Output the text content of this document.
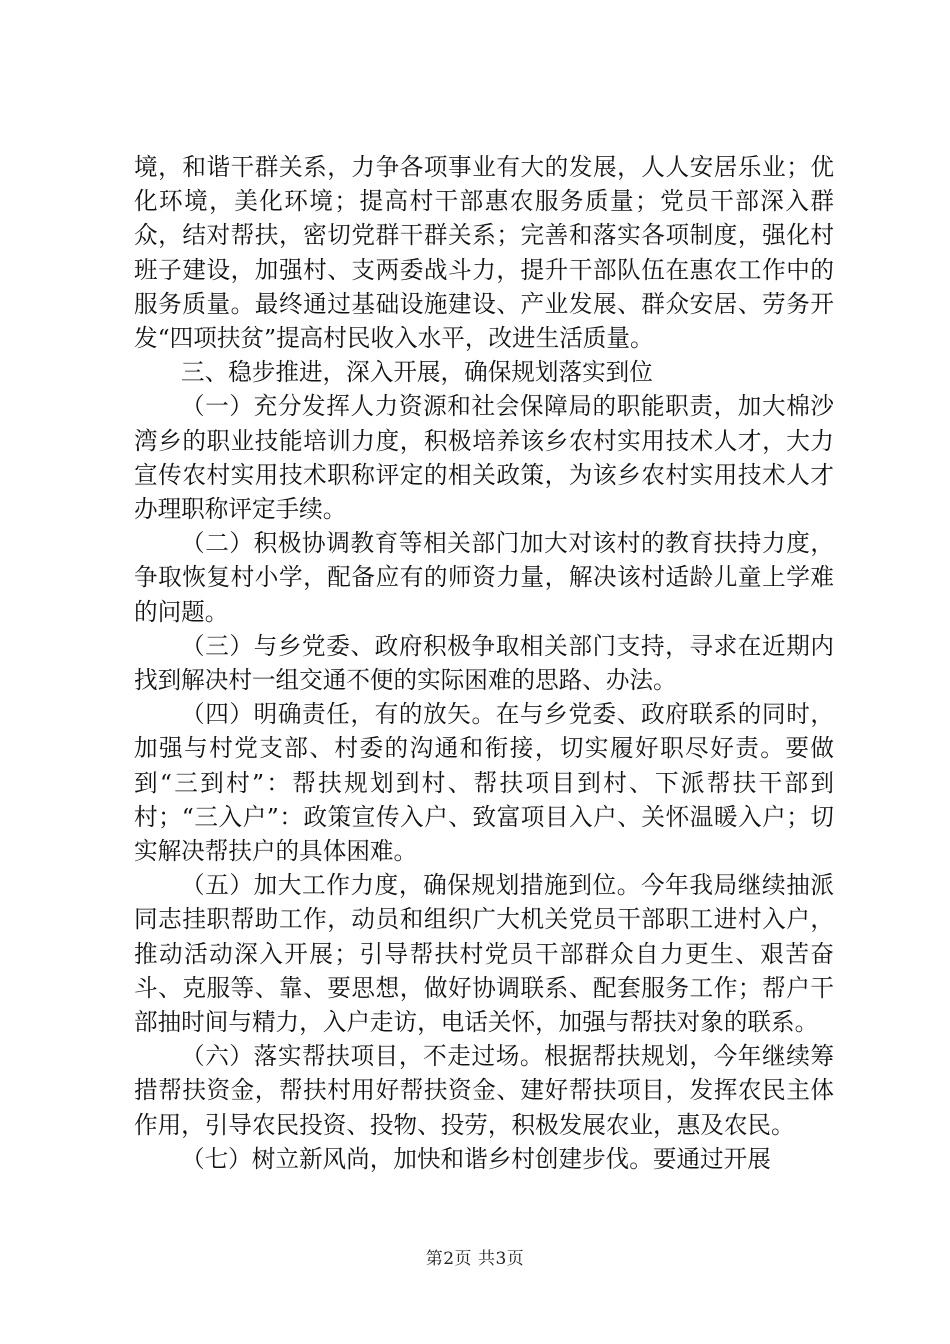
境，和谐干群关系，力争各项事业有大的发展，人人安居乐业；优化环境，美化环境；提高村干部惠农服务质量；党员干部深入群众，结对帮扶，密切党群干群关系；完善和落实各项制度，强化村班子建设，加强村、支两委战斗力，提升干部队伍在惠农工作中的服务质量。最终通过基础设施建设、产业发展、群众安居、劳务开发“四项扶贫”提高村民收入水平，改进生活质量。

三、稳步推进，深入开展，确保规划落实到位

（一）充分发挥人力资源和社会保障局的职能职责，加大棉沙湾乡的职业技能培训力度，积极培养该乡农村实用技术人才，大力宣传农村实用技术职称评定的相关政策，为该乡农村实用技术人才办理职称评定手续。

（二）积极协调教育等相关部门加大对该村的教育扶持力度，争取恢复村小学，配备应有的师资力量，解决该村适龄儿童上学难的问题。

（三）与乡党委、政府积极争取相关部门支持，寻求在近期内找到解决村一组交通不便的实际困难的思路、办法。

（四）明确责任，有的放矢。在与乡党委、政府联系的同时，加强与村党支部、村委的沟通和衔接，切实履好职尽好责。要做到“三到村”：帮扶规划到村、帮扶项目到村、下派帮扶干部到村；“三入户”：政策宣传入户、致富项目入户、关怀温暖入户；切实解决帮扶户的具体困难。

（五）加大工作力度，确保规划措施到位。今年我局继续抽派同志挂职帮助工作，动员和组织广大机关党员干部职工进村入户，推动活动深入开展；引导帮扶村党员干部群众自力更生、艰苦奋斗、克服等、靠、要思想，做好协调联系、配套服务工作；帮户干部抽时间与精力，入户走访，电话关怀，加强与帮扶对象的联系。

（六）落实帮扶项目，不走过场。根据帮扶规划，今年继续筹措帮扶资金，帮扶村用好帮扶资金、建好帮扶项目，发挥农民主体作用，引导农民投资、投物、投劳，积极发展农业，惠及农民。

（七）树立新风尚，加快和谐乡村创建步伐。要通过开展

第2页 共3页
